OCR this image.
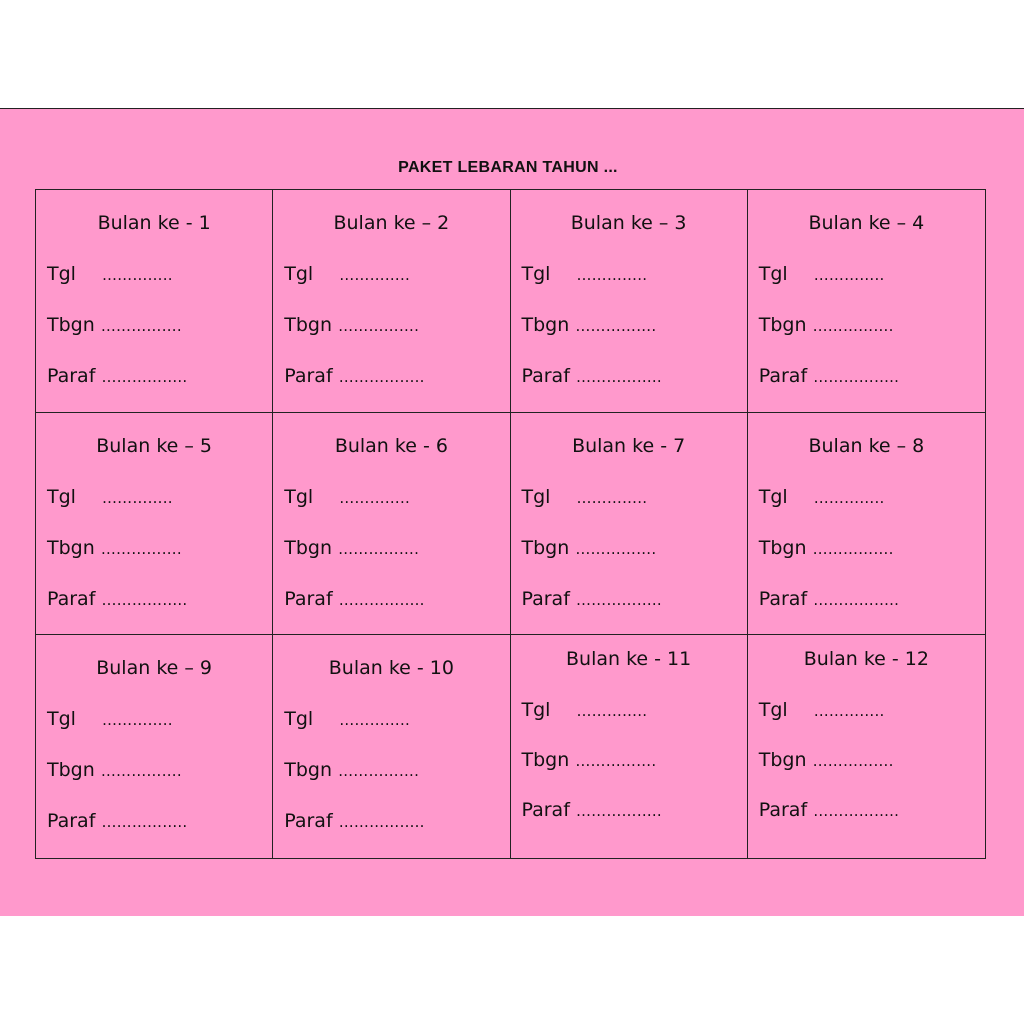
PAKET LEBARAN TAHUN ...
Bulan ke - 1
Tgl …………..
Tbgn …………….
Paraf ……………..
Bulan ke – 2
Tgl …………..
Tbgn …………….
Paraf ……………..
Bulan ke – 3
Tgl …………..
Tbgn …………….
Paraf ……………..
Bulan ke – 4
Tgl …………..
Tbgn …………….
Paraf ……………..
Bulan ke – 5
Tgl …………..
Tbgn …………….
Paraf ……………..
Bulan ke - 6
Tgl …………..
Tbgn …………….
Paraf ……………..
Bulan ke - 7
Tgl …………..
Tbgn …………….
Paraf ……………..
Bulan ke – 8
Tgl …………..
Tbgn …………….
Paraf ……………..
Bulan ke – 9
Tgl …………..
Tbgn …………….
Paraf ……………..
Bulan ke - 10
Tgl …………..
Tbgn …………….
Paraf ……………..
Bulan ke - 11
Tgl …………..
Tbgn …………….
Paraf ……………..
Bulan ke - 12
Tgl …………..
Tbgn …………….
Paraf ……………..
